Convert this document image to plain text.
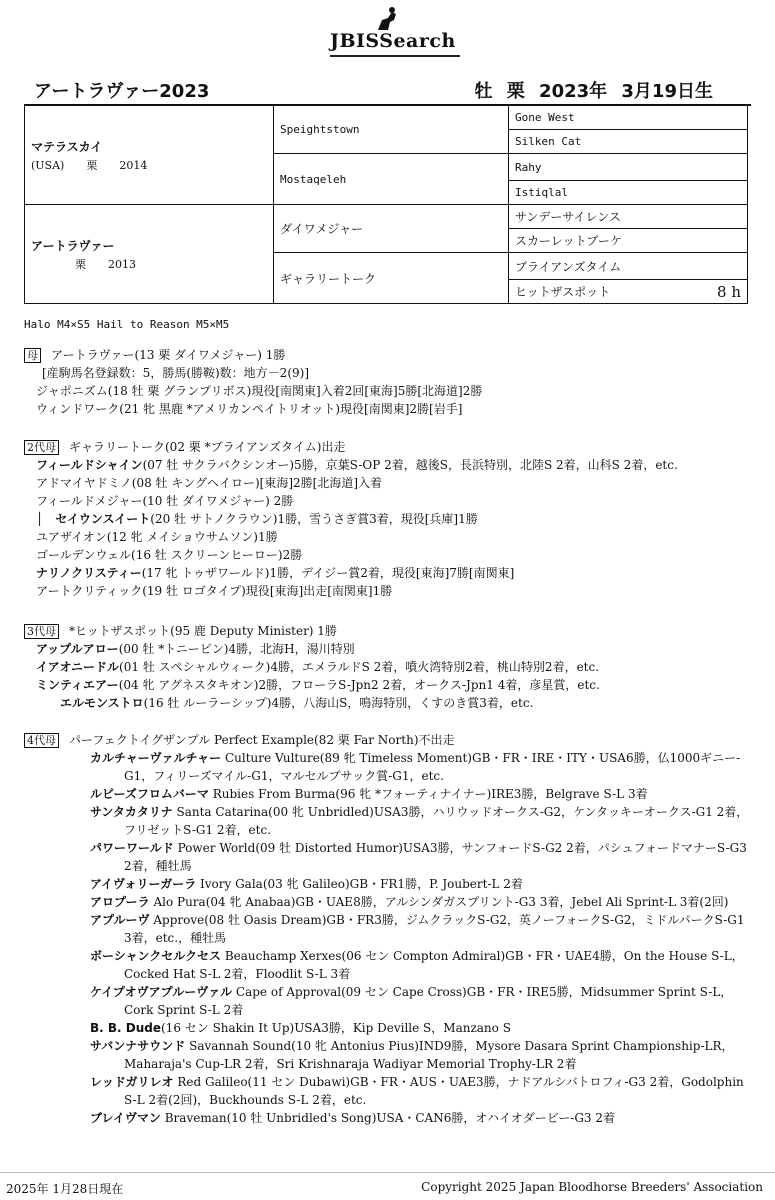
JBISSearch
アートラヴァー2023	牡 栗 2023年 3月19日生
マテラスカイ
(USA)　　栗　　2014	Speightstown	Gone West
		Silken Cat
	Mostaqeleh	Rahy
		Istiqlal

アートラヴァー
　　　　栗　　2013	ダイワメジャー	サンデーサイレンス
		スカーレットブーケ
	ギャラリートーク	ブライアンズタイム
		ヒットザスポット 8 h
Halo M4×S5 Hail to Reason M5×M5
母 アートラヴァー(13 栗 ダイワメジャー) 1勝
[産駒馬名登録数：5，勝馬(勝鞍)数：地方－2(9)]
ジャポニズム(18 牡 栗 グランプリボス)現役[南関東]入着2回[東海]5勝[北海道]2勝
ウィンドワーク(21 牝 黒鹿 *アメリカンペイトリオット)現役[南関東]2勝[岩手]
2代母 ギャラリートーク(02 栗 *ブライアンズタイム)出走
フィールドシャイン(07 牡 サクラバクシンオー)5勝，京葉S-OP 2着，越後S，長浜特別，北陸S 2着，山科S 2着，etc.
アドマイヤドミノ(08 牡 キングヘイロー)[東海]2勝[北海道]入着
フィールドメジャー(10 牡 ダイワメジャー) 2勝
│　セイウンスイート(20 牡 サトノクラウン)1勝，雪うさぎ賞3着，現役[兵庫]1勝
ユアザイオン(12 牝 メイショウサムソン)1勝
ゴールデンウェル(16 牡 スクリーンヒーロー)2勝
ナリノクリスティー(17 牝 トゥザワールド)1勝，デイジー賞2着，現役[東海]7勝[南関東]
アートクリティック(19 牡 ロゴタイプ)現役[東海]出走[南関東]1勝
3代母 *ヒットザスポット(95 鹿 Deputy Minister) 1勝
アップルアロー(00 牡 *トニービン)4勝，北海H，湯川特別
イアオニードル(01 牡 スペシャルウィーク)4勝，エメラルドS 2着，噴火湾特別2着，桃山特別2着，etc.
ミンティエアー(04 牝 アグネスタキオン)2勝，フローラS-Jpn2 2着，オークス-Jpn1 4着，彦星賞，etc.
　　エルモンストロ(16 牡 ルーラーシップ)4勝，八海山S，鳴海特別，くすのき賞3着，etc.
4代母 パーフェクトイグザンプル Perfect Example(82 栗 Far North)不出走
カルチャーヴァルチャー Culture Vulture(89 牝 Timeless Moment)GB・FR・IRE・ITY・USA6勝，仏1000ギニー-G1，フィリーズマイル-G1，マルセルブサック賞-G1，etc.
ルビーズフロムバーマ Rubies From Burma(96 牝 *フォーティナイナー)IRE3勝，Belgrave S-L 3着
サンタカタリナ Santa Catarina(00 牝 Unbridled)USA3勝，ハリウッドオークス-G2，ケンタッキーオークス-G1 2着，フリゼットS-G1 2着，etc.
パワーワールド Power World(09 牡 Distorted Humor)USA3勝，サンフォードS-G2 2着，パシュフォードマナーS-G3 2着，種牡馬
アイヴォリーガーラ Ivory Gala(03 牝 Galileo)GB・FR1勝，P. Joubert-L 2着
アロプーラ Alo Pura(04 牝 Anabaa)GB・UAE8勝，アルシンダガスプリント-G3 3着，Jebel Ali Sprint-L 3着(2回)
アプルーヴ Approve(08 牡 Oasis Dream)GB・FR3勝，ジムクラックS-G2，英ノーフォークS-G2，ミドルパークS-G1 3着，etc.，種牡馬
ボーシャンクセルクセス Beauchamp Xerxes(06 セン Compton Admiral)GB・FR・UAE4勝，On the House S-L，Cocked Hat S-L 2着，Floodlit S-L 3着
ケイプオヴアプルーヴァル Cape of Approval(09 セン Cape Cross)GB・FR・IRE5勝，Midsummer Sprint S-L，Cork Sprint S-L 2着
B. B. Dude(16 セン Shakin It Up)USA3勝，Kip Deville S，Manzano S
サバンナサウンド Savannah Sound(10 牝 Antonius Pius)IND9勝，Mysore Dasara Sprint Championship-LR，Maharaja's Cup-LR 2着，Sri Krishnaraja Wadiyar Memorial Trophy-LR 2着
レッドガリレオ Red Galileo(11 セン Dubawi)GB・FR・AUS・UAE3勝，ナドアルシバトロフィ-G3 2着，Godolphin S-L 2着(2回)，Buckhounds S-L 2着，etc.
ブレイヴマン Braveman(10 牡 Unbridled's Song)USA・CAN6勝，オハイオダービー-G3 2着
2025年 1月28日現在	Copyright 2025 Japan Bloodhorse Breeders' Association
